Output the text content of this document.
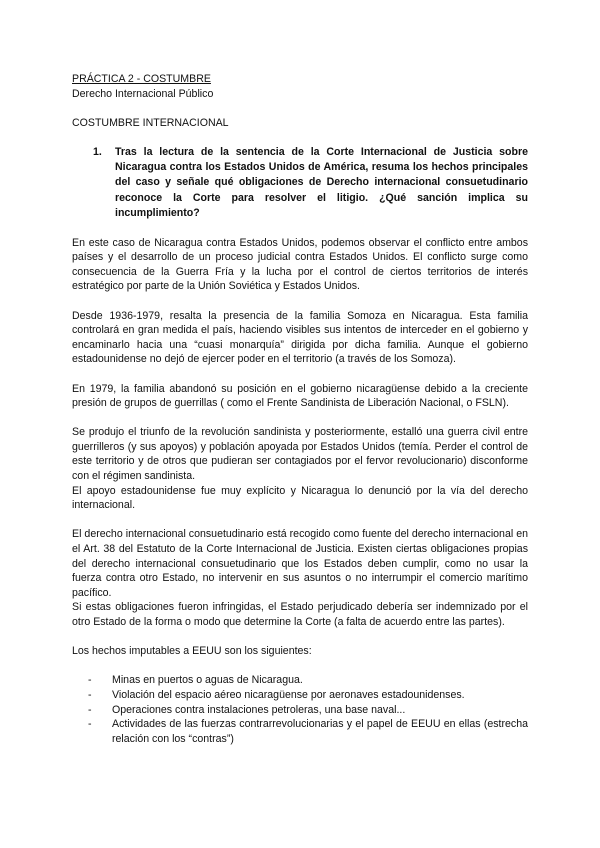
PRÁCTICA 2 - COSTUMBRE
Derecho Internacional Público
COSTUMBRE INTERNACIONAL
1.	Tras la lectura de la sentencia de la Corte Internacional de Justicia sobre Nicaragua contra los Estados Unidos de América, resuma los hechos principales del caso y señale qué obligaciones de Derecho internacional consuetudinario reconoce la Corte para resolver el litigio. ¿Qué sanción implica su incumplimiento?

En este caso de Nicaragua contra Estados Unidos, podemos observar el conflicto entre ambos países y el desarrollo de un proceso judicial contra Estados Unidos. El conflicto surge como consecuencia de la Guerra Fría y la lucha por el control de ciertos territorios de interés estratégico por parte de la Unión Soviética y Estados Unidos.

Desde 1936-1979, resalta la presencia de la familia Somoza en Nicaragua. Esta familia controlará en gran medida el país, haciendo visibles sus intentos de interceder en el gobierno y encaminarlo hacia una “cuasi monarquía” dirigida por dicha familia. Aunque el gobierno estadounidense no dejó de ejercer poder en el territorio (a través de los Somoza).

En 1979, la familia abandonó su posición en el gobierno nicaragüense debido a la creciente presión de grupos de guerrillas ( como el Frente Sandinista de Liberación Nacional, o FSLN).

Se produjo el triunfo de la revolución sandinista y posteriormente, estalló una guerra civil entre guerrilleros (y sus apoyos) y población apoyada por Estados Unidos (temía. Perder el control de este territorio y de otros que pudieran ser contagiados por el fervor revolucionario) disconforme con el régimen sandinista.

El apoyo estadounidense fue muy explícito y Nicaragua lo denunció por la vía del derecho internacional.

El derecho internacional consuetudinario está recogido como fuente del derecho internacional en el Art. 38 del Estatuto de la Corte Internacional de Justicia. Existen ciertas obligaciones propias del derecho internacional consuetudinario que los Estados deben cumplir, como no usar la fuerza contra otro Estado, no intervenir en sus asuntos o no interrumpir el comercio marítimo pacífico.

Si estas obligaciones fueron infringidas, el Estado perjudicado debería ser indemnizado por el otro Estado de la forma o modo que determine la Corte (a falta de acuerdo entre las partes).

Los hechos imputables a EEUU son los siguientes:

-	Minas en puertos o aguas de Nicaragua.
-	Violación del espacio aéreo nicaragüense por aeronaves estadounidenses.
-	Operaciones contra instalaciones petroleras, una base naval...
-	Actividades de las fuerzas contrarrevolucionarias y el papel de EEUU en ellas (estrecha relación con los “contras”)
